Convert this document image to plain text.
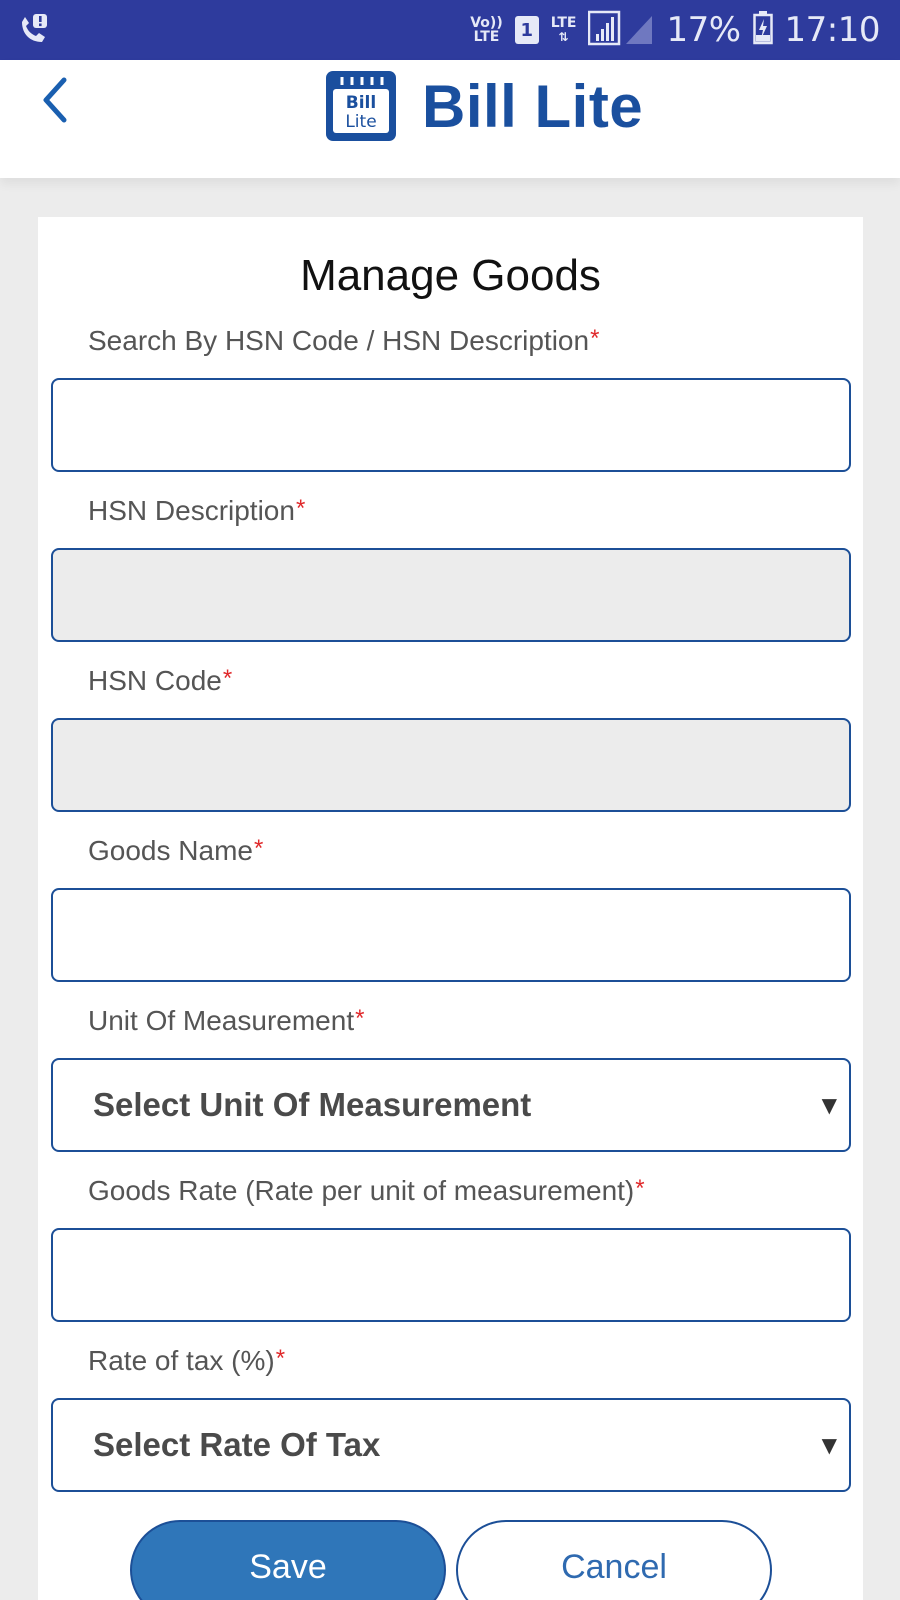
Vo))
LTE	1	LTE
⇅	17% 17:10
Bill
Lite Bill Lite
Manage Goods
Search By HSN Code / HSN Description*
HSN Description*
HSN Code*
Goods Name*
Unit Of Measurement*
Select Unit Of Measurement	▼
Goods Rate (Rate per unit of measurement)*
Rate of tax (%)*
Select Rate Of Tax	▼
Save	Cancel
